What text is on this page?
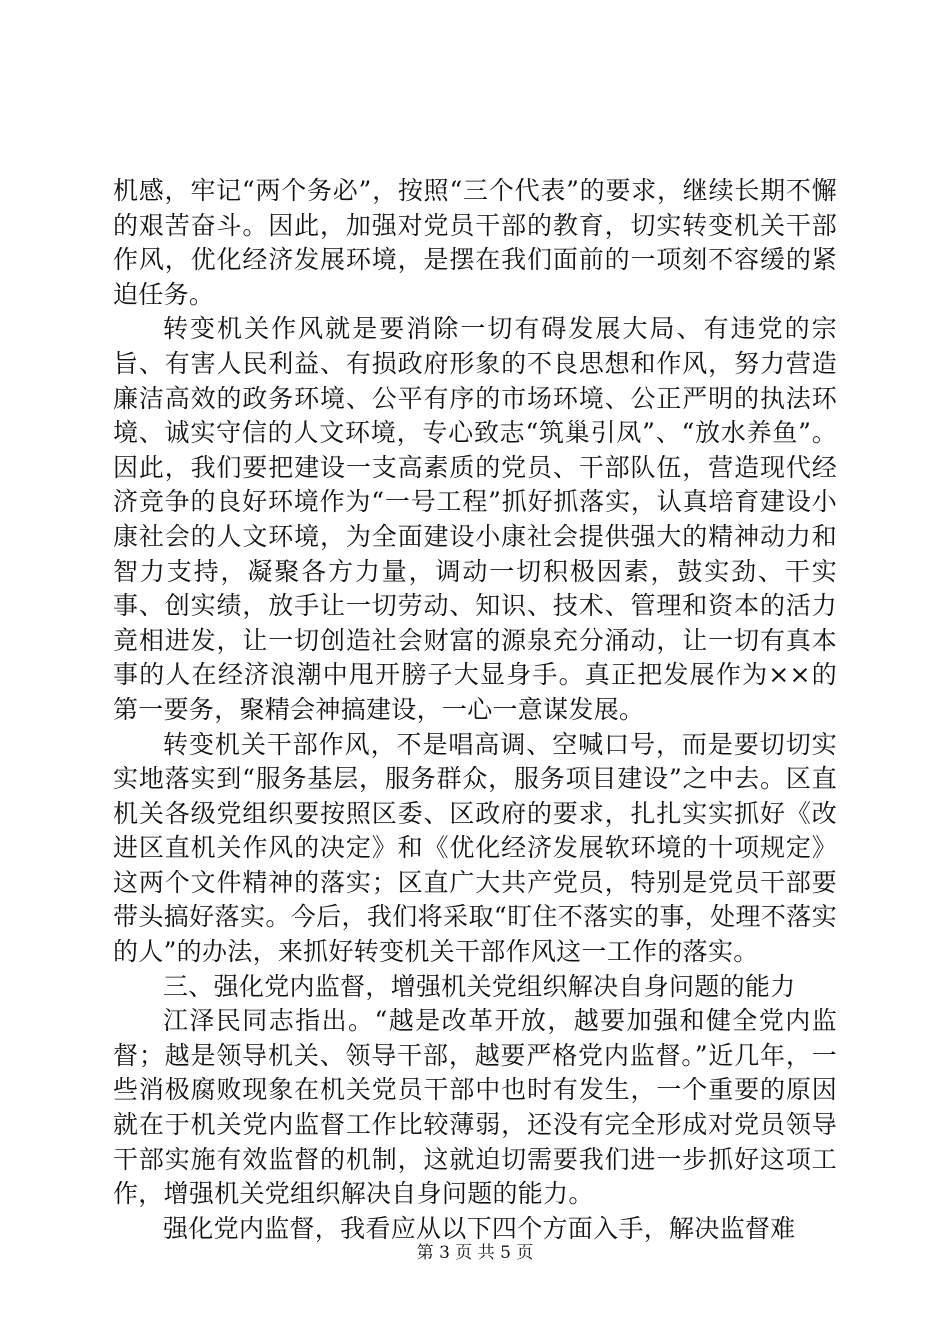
机感，牢记“两个务必”，按照“三个代表”的要求，继续长期不懈的艰苦奋斗。因此，加强对党员干部的教育，切实转变机关干部作风，优化经济发展环境，是摆在我们面前的一项刻不容缓的紧迫任务。

转变机关作风就是要消除一切有碍发展大局、有违党的宗旨、有害人民利益、有损政府形象的不良思想和作风，努力营造廉洁高效的政务环境、公平有序的市场环境、公正严明的执法环境、诚实守信的人文环境，专心致志“筑巢引凤”、“放水养鱼”。因此，我们要把建设一支高素质的党员、干部队伍，营造现代经济竞争的良好环境作为“一号工程”抓好抓落实，认真培育建设小康社会的人文环境，为全面建设小康社会提供强大的精神动力和智力支持，凝聚各方力量，调动一切积极因素，鼓实劲、干实事、创实绩，放手让一切劳动、知识、技术、管理和资本的活力竟相进发，让一切创造社会财富的源泉充分涌动，让一切有真本事的人在经济浪潮中甩开膀子大显身手。真正把发展作为××的第一要务，聚精会神搞建设，一心一意谋发展。

转变机关干部作风，不是唱高调、空喊口号，而是要切切实实地落实到“服务基层，服务群众，服务项目建设”之中去。区直机关各级党组织要按照区委、区政府的要求，扎扎实实抓好《改进区直机关作风的决定》和《优化经济发展软环境的十项规定》这两个文件精神的落实；区直广大共产党员，特别是党员干部要带头搞好落实。今后，我们将采取“盯住不落实的事，处理不落实的人”的办法，来抓好转变机关干部作风这一工作的落实。

三、强化党内监督，增强机关党组织解决自身问题的能力

江泽民同志指出。“越是改革开放，越要加强和健全党内监督；越是领导机关、领导干部，越要严格党内监督。”近几年，一些消极腐败现象在机关党员干部中也时有发生，一个重要的原因就在于机关党内监督工作比较薄弱，还没有完全形成对党员领导干部实施有效监督的机制，这就迫切需要我们进一步抓好这项工作，增强机关党组织解决自身问题的能力。

强化党内监督，我看应从以下四个方面入手，解决监督难

第 3 页 共 5 页
